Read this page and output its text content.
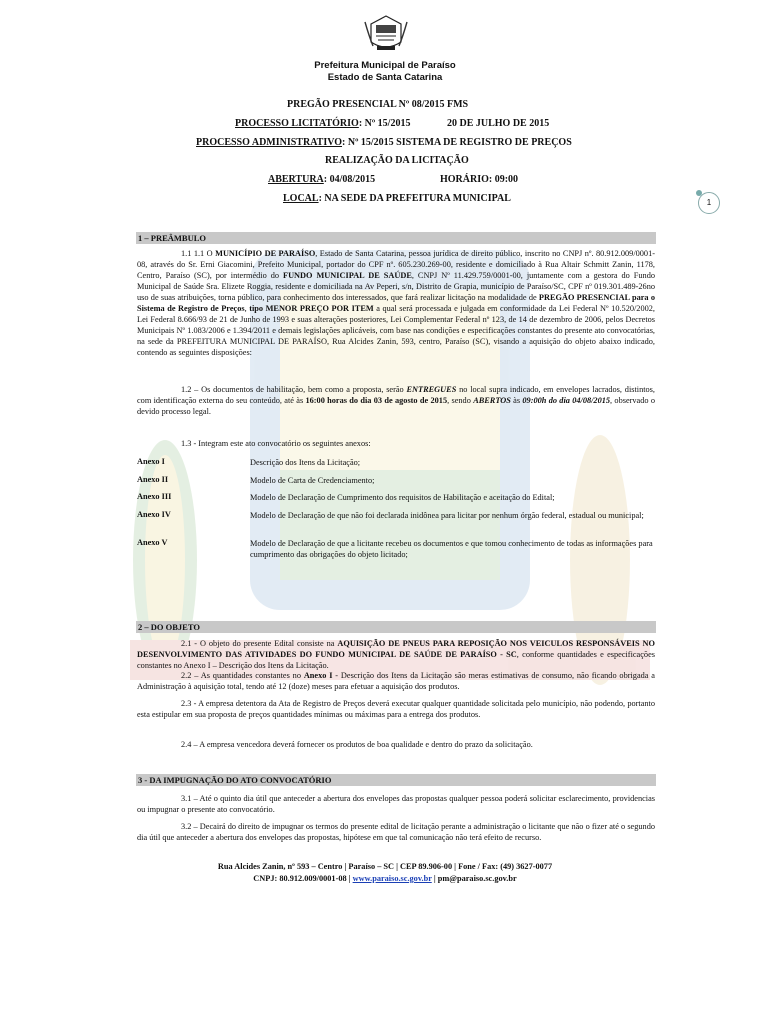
Prefeitura Municipal de Paraíso
Estado de Santa Catarina
PREGÃO PRESENCIAL Nº 08/2015 FMS
PROCESSO LICITATÓRIO: Nº 15/2015	20 DE JULHO DE 2015
PROCESSO ADMINISTRATIVO: Nº 15/2015 SISTEMA DE REGISTRO DE PREÇOS
REALIZAÇÃO DA LICITAÇÃO
ABERTURA: 04/08/2015	HORÁRIO: 09:00
LOCAL: NA SEDE DA PREFEITURA MUNICIPAL	1
1 – PREÂMBULO
1.1 1.1 O MUNICÍPIO DE PARAÍSO, Estado de Santa Catarina, pessoa jurídica de direito público, inscrito no CNPJ nº. 80.912.009/0001-08, através do Sr. Erni Giacomini, Prefeito Municipal, portador do CPF nº. 605.230.269-00, residente e domiciliado à Rua Altair Schmitt Zanin, 1178, Centro, Paraíso (SC), por intermédio do FUNDO MUNICIPAL DE SAÚDE, CNPJ Nº 11.429.759/0001-00, juntamente com a gestora do Fundo Municipal de Saúde Sra. Elizete Roggia, residente e domiciliada na Av Peperi, s/n, Distrito de Grapia, município de Paraíso/SC, CPF nº 019.301.489-26no uso de suas atribuições, torna público, para conhecimento dos interessados, que fará realizar licitação na modalidade de PREGÃO PRESENCIAL para o Sistema de Registro de Preços, tipo MENOR PREÇO POR ITEM a qual será processada e julgada em conformidade da Lei Federal Nº 10.520/2002, Lei Federal 8.666/93 de 21 de Junho de 1993 e suas alterações posteriores, Lei Complementar Federal nº 123, de 14 de dezembro de 2006, pelos Decretos Municipais Nº 1.083/2006 e 1.394/2011 e demais legislações aplicáveis, com base nas condições e especificações constantes do presente ato convocatórias, na sede da PREFEITURA MUNICIPAL DE PARAÍSO, Rua Alcides Zanin, 593, centro, Paraíso (SC), visando a aquisição do objeto abaixo indicado, contendo as seguintes disposições:
1.2 – Os documentos de habilitação, bem como a proposta, serão ENTREGUES no local supra indicado, em envelopes lacrados, distintos, com identificação externa do seu conteúdo, até às 16:00 horas do dia 03 de agosto de 2015, sendo ABERTOS às 09:00h do dia 04/08/2015, observado o devido processo legal.
1.3 - Integram este ato convocatório os seguintes anexos:
Anexo I	Descrição dos Itens da Licitação;
Anexo II	Modelo de Carta de Credenciamento;
Anexo III	Modelo de Declaração de Cumprimento dos requisitos de Habilitação e aceitação do Edital;
Anexo IV	Modelo de Declaração de que não foi declarada inidônea para licitar por nenhum órgão federal, estadual ou municipal;
Anexo V	Modelo de Declaração de que a licitante recebeu os documentos e que tomou conhecimento de todas as informações para cumprimento das obrigações do objeto licitado;
2 – DO OBJETO
2.1 - O objeto do presente Edital consiste na AQUISIÇÃO DE PNEUS PARA REPOSIÇÃO NOS VEICULOS RESPONSÁVEIS NO DESENVOLVIMENTO DAS ATIVIDADES DO FUNDO MUNICIPAL DE SAÚDE DE PARAÍSO - SC, conforme quantidades e especificações constantes no Anexo I – Descrição dos Itens da Licitação.
2.2 – As quantidades constantes no Anexo I - Descrição dos Itens da Licitação são meras estimativas de consumo, não ficando obrigada a Administração à aquisição total, tendo até 12 (doze) meses para efetuar a aquisição dos produtos.
2.3 - A empresa detentora da Ata de Registro de Preços deverá executar qualquer quantidade solicitada pelo município, não podendo, portanto esta estipular em sua proposta de preços quantidades mínimas ou máximas para a entrega dos produtos.
2.4 – A empresa vencedora deverá fornecer os produtos de boa qualidade e dentro do prazo da solicitação.
3 - DA IMPUGNAÇÃO DO ATO CONVOCATÓRIO
3.1 – Até o quinto dia útil que anteceder a abertura dos envelopes das propostas qualquer pessoa poderá solicitar esclarecimento, providencias ou impugnar o presente ato convocatório.
3.2 – Decairá do direito de impugnar os termos do presente edital de licitação perante a administração o licitante que não o fizer até o segundo dia útil que anteceder a abertura dos envelopes das propostas, hipótese em que tal comunicação não terá efeito de recurso.
Rua Alcides Zanin, nº 593 – Centro | Paraíso – SC | CEP 89.906-00 | Fone / Fax: (49) 3627-0077
CNPJ: 80.912.009/0001-08 | www.paraiso.sc.gov.br | pm@paraiso.sc.gov.br
